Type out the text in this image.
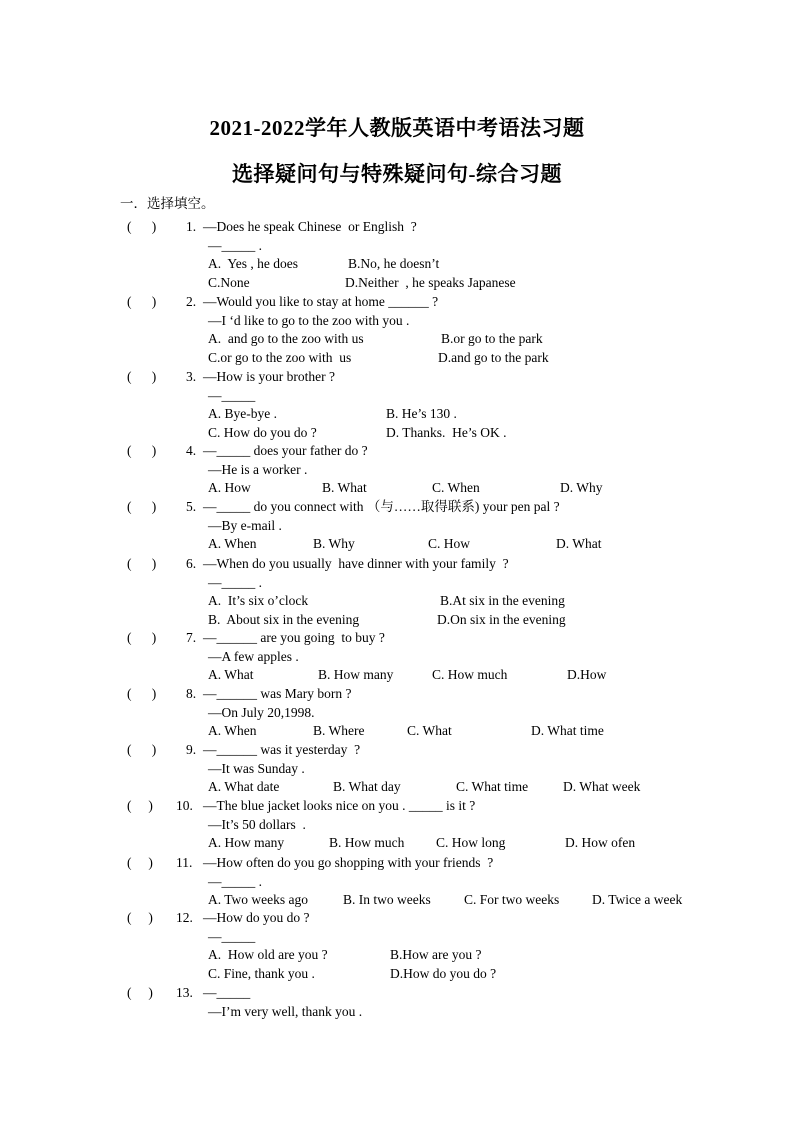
2021-2022学年人教版英语中考语法习题
选择疑问句与特殊疑问句-综合习题
一．选择填空。
(      ) 1. —Does he speak Chinese  or English  ?
—_____ .
A.  Yes , he does	B.No, he doesn’t
C.None	D.Neither  , he speaks Japanese
(      ) 2. —Would you like to stay at home ______ ?
—I ‘d like to go to the zoo with you .
A.  and go to the zoo with us	B.or go to the park
C.or go to the zoo with  us	D.and go to the park
(      ) 3. —How is your brother ?
—_____
A. Bye-bye .	B. He’s 130 .
C. How do you do ?	D. Thanks.  He’s OK .
(      ) 4. —_____ does your father do ?
—He is a worker .
A. How	B. What	C. When	D. Why
(      ) 5. —_____ do you connect with （与……取得联系) your pen pal ?
—By e-mail .
A. When	B. Why	C. How	D. What
(      ) 6. —When do you usually  have dinner with your family  ?
—_____ .
A.  It’s six o’clock	B.At six in the evening
B.  About six in the evening	D.On six in the evening
(      ) 7. —______ are you going  to buy ?
—A few apples .
A. What	B. How many	C. How much	D.How
(      ) 8. —______ was Mary born ?
—On July 20,1998.
A. When	B. Where	C. What	D. What time
(      ) 9. —______ was it yesterday  ?
—It was Sunday .
A. What date	B. What day	C. What time	D. What week
(     ) 10. —The blue jacket looks nice on you . _____ is it ?
—It’s 50 dollars  .
A. How many	B. How much C. How long	D. How ofen
(     ) 11. —How often do you go shopping with your friends  ?
—_____ .
A. Two weeks ago	B. In two weeks C. For two weeks D. Twice a week
(     ) 12. —How do you do ?
—_____
A.  How old are you ?	B.How are you ?
C. Fine, thank you .	D.How do you do ?
(     ) 13. —_____
—I’m very well, thank you .
